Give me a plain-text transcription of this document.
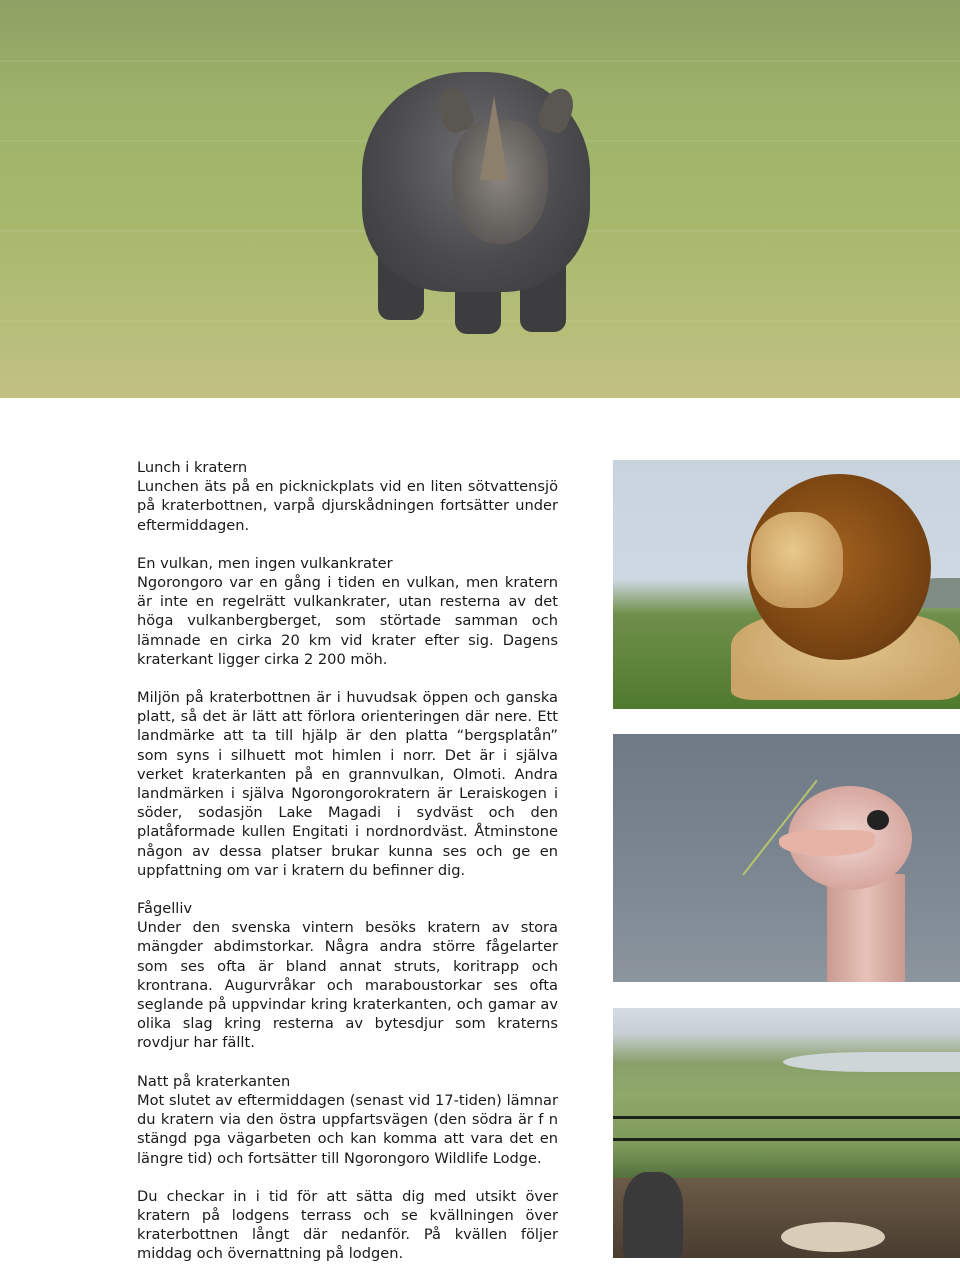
Lunch i kratern

Lunchen äts på en picknickplats vid en liten sötvattensjö på kraterbottnen, varpå djurskådningen fortsätter under eftermiddagen.

En vulkan, men ingen vulkankrater

Ngorongoro var en gång i tiden en vulkan, men kratern är inte en regelrätt vulkankrater, utan resterna av det höga vulkanbergberget, som störtade samman och lämnade en cirka 20 km vid krater efter sig. Dagens kraterkant ligger cirka 2 200 möh.

Miljön på kraterbottnen är i huvudsak öppen och ganska platt, så det är lätt att förlora orienteringen där nere. Ett landmärke att ta till hjälp är den platta “bergsplatån” som syns i silhuett mot himlen i norr. Det är i själva verket kraterkanten på en grannvulkan, Olmoti. Andra landmärken i själva Ngorongorokratern är Leraiskogen i söder, sodasjön Lake Magadi i sydväst och den platåformade kullen Engitati i nordnordväst. Åtminstone någon av dessa platser brukar kunna ses och ge en uppfattning om var i kratern du befinner dig.

Fågelliv

Under den svenska vintern besöks kratern av stora mängder abdimstorkar. Några andra större fågelarter som ses ofta är bland annat struts, koritrapp och krontrana. Augurvråkar och maraboustorkar ses ofta seglande på uppvindar kring kraterkanten, och gamar av olika slag kring resterna av bytesdjur som kraterns rovdjur har fällt.

Natt på kraterkanten

Mot slutet av eftermiddagen (senast vid 17-tiden) lämnar du kratern via den östra uppfartsvägen (den södra är f n stängd pga vägarbeten och kan komma att vara det en längre tid) och fortsätter till Ngorongoro Wildlife Lodge.

Du checkar in i tid för att sätta dig med utsikt över kratern på lodgens terrass och se kvällningen över kraterbottnen långt där nedanför. På kvällen följer middag och övernattning på lodgen.
